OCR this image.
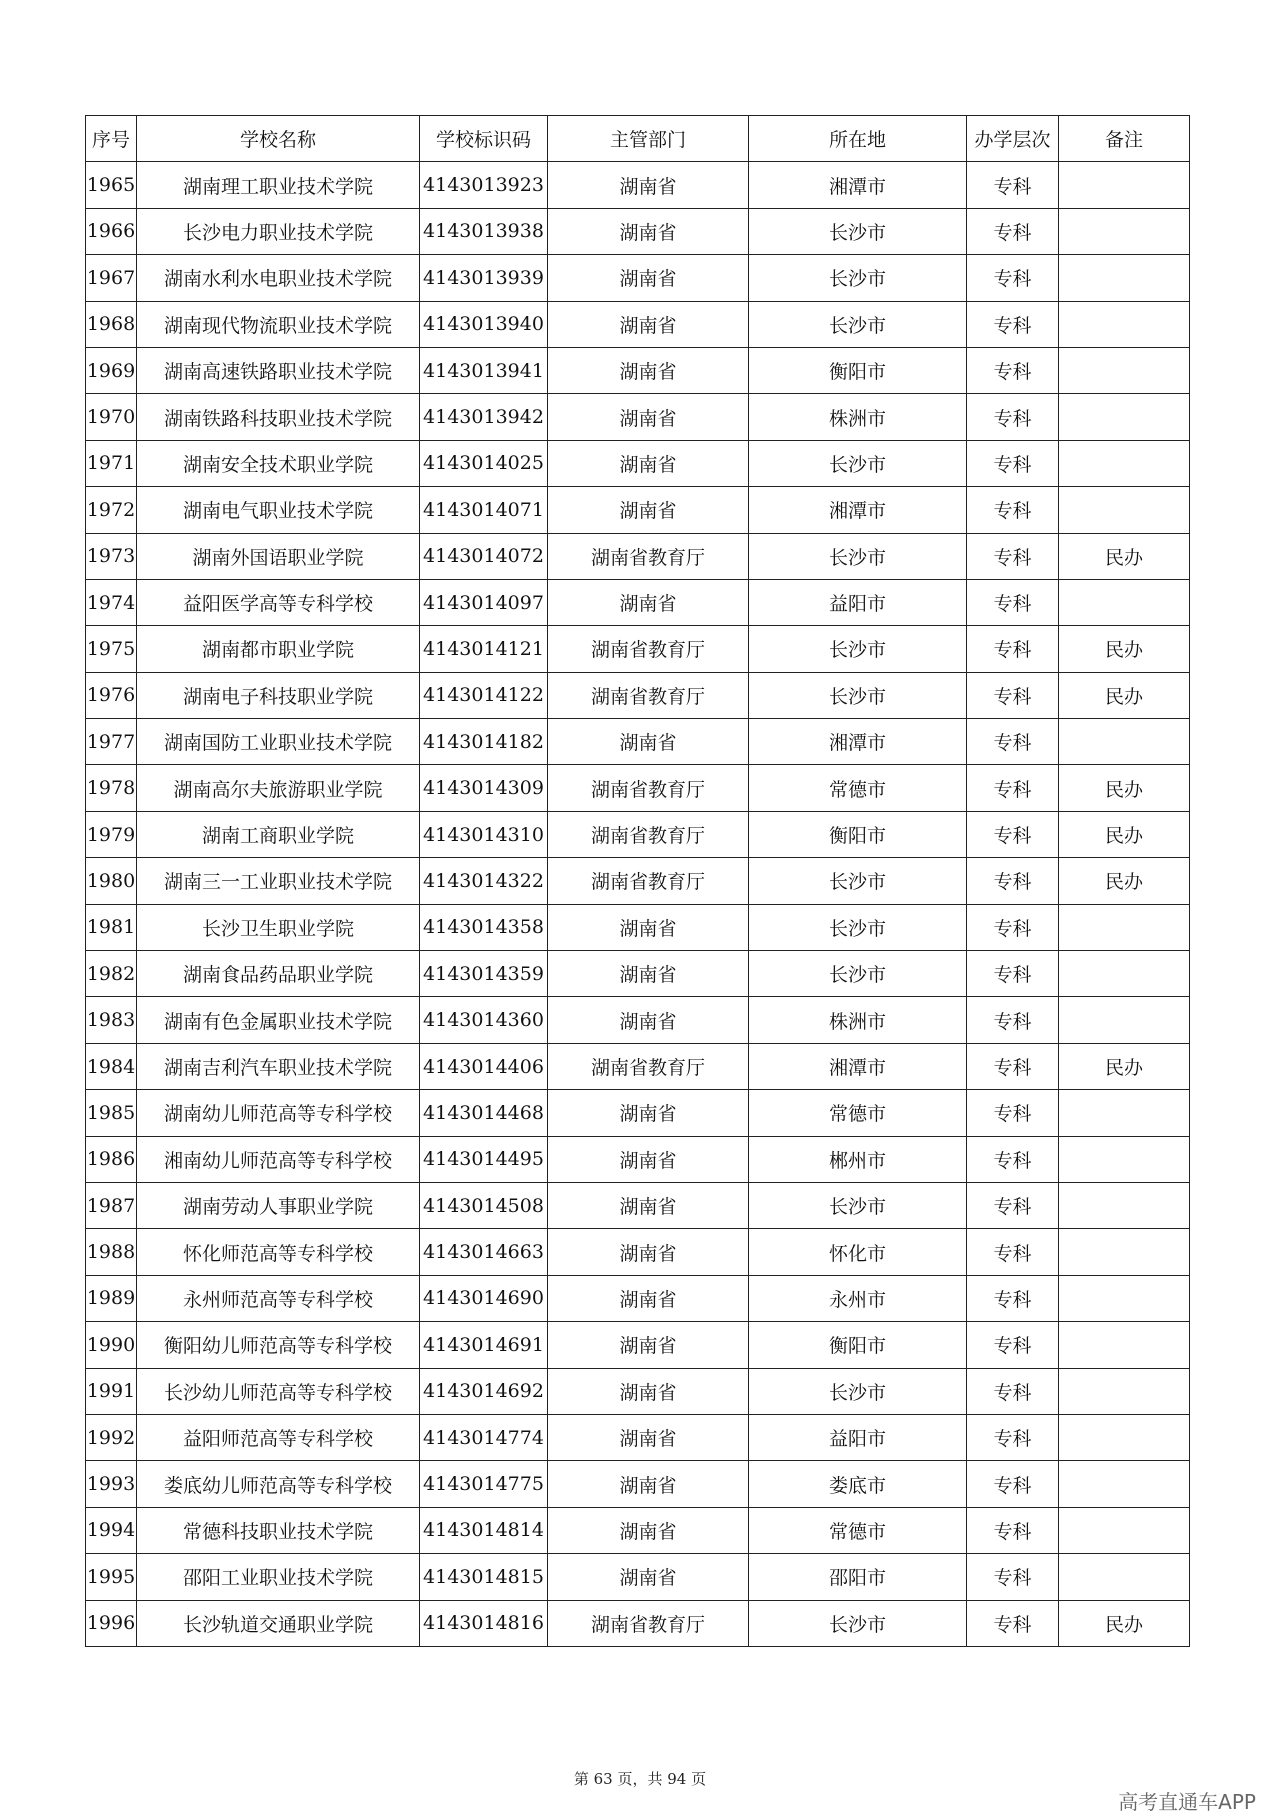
序号	学校名称	学校标识码	主管部门	所在地	办学层次	备注
1965	湖南理工职业技术学院	4143013923	湖南省	湘潭市	专科	
1966	长沙电力职业技术学院	4143013938	湖南省	长沙市	专科	
1967	湖南水利水电职业技术学院	4143013939	湖南省	长沙市	专科	
1968	湖南现代物流职业技术学院	4143013940	湖南省	长沙市	专科	
1969	湖南高速铁路职业技术学院	4143013941	湖南省	衡阳市	专科	
1970	湖南铁路科技职业技术学院	4143013942	湖南省	株洲市	专科	
1971	湖南安全技术职业学院	4143014025	湖南省	长沙市	专科	
1972	湖南电气职业技术学院	4143014071	湖南省	湘潭市	专科	
1973	湖南外国语职业学院	4143014072	湖南省教育厅	长沙市	专科	民办
1974	益阳医学高等专科学校	4143014097	湖南省	益阳市	专科	
1975	湖南都市职业学院	4143014121	湖南省教育厅	长沙市	专科	民办
1976	湖南电子科技职业学院	4143014122	湖南省教育厅	长沙市	专科	民办
1977	湖南国防工业职业技术学院	4143014182	湖南省	湘潭市	专科	
1978	湖南高尔夫旅游职业学院	4143014309	湖南省教育厅	常德市	专科	民办
1979	湖南工商职业学院	4143014310	湖南省教育厅	衡阳市	专科	民办
1980	湖南三一工业职业技术学院	4143014322	湖南省教育厅	长沙市	专科	民办
1981	长沙卫生职业学院	4143014358	湖南省	长沙市	专科	
1982	湖南食品药品职业学院	4143014359	湖南省	长沙市	专科	
1983	湖南有色金属职业技术学院	4143014360	湖南省	株洲市	专科	
1984	湖南吉利汽车职业技术学院	4143014406	湖南省教育厅	湘潭市	专科	民办
1985	湖南幼儿师范高等专科学校	4143014468	湖南省	常德市	专科	
1986	湘南幼儿师范高等专科学校	4143014495	湖南省	郴州市	专科	
1987	湖南劳动人事职业学院	4143014508	湖南省	长沙市	专科	
1988	怀化师范高等专科学校	4143014663	湖南省	怀化市	专科	
1989	永州师范高等专科学校	4143014690	湖南省	永州市	专科	
1990	衡阳幼儿师范高等专科学校	4143014691	湖南省	衡阳市	专科	
1991	长沙幼儿师范高等专科学校	4143014692	湖南省	长沙市	专科	
1992	益阳师范高等专科学校	4143014774	湖南省	益阳市	专科	
1993	娄底幼儿师范高等专科学校	4143014775	湖南省	娄底市	专科	
1994	常德科技职业技术学院	4143014814	湖南省	常德市	专科	
1995	邵阳工业职业技术学院	4143014815	湖南省	邵阳市	专科	
1996	长沙轨道交通职业学院	4143014816	湖南省教育厅	长沙市	专科	民办
第 63 页，共 94 页
高考直通车APP
